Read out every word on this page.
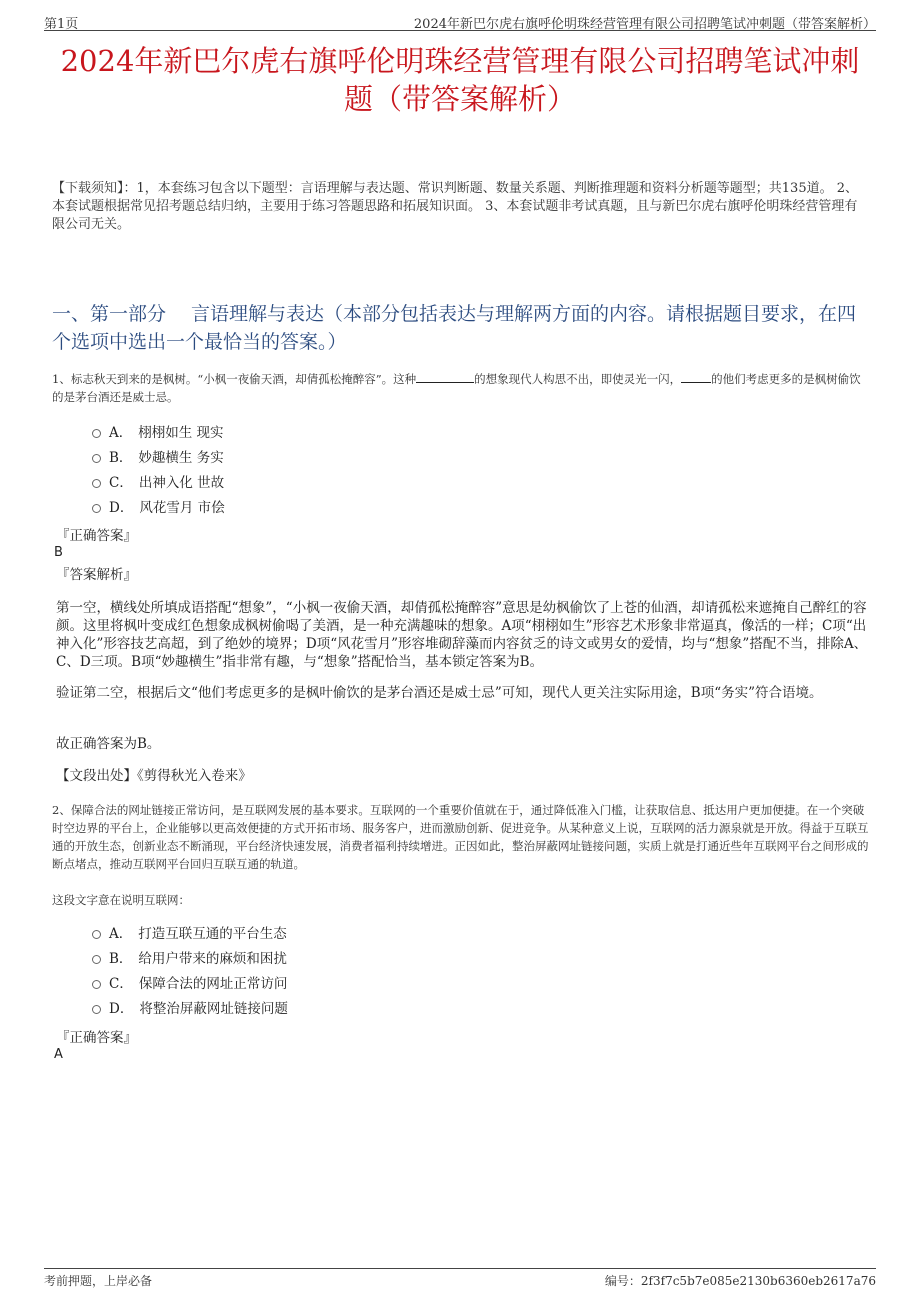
第1页	2024年新巴尔虎右旗呼伦明珠经营管理有限公司招聘笔试冲刺题（带答案解析）
2024年新巴尔虎右旗呼伦明珠经营管理有限公司招聘笔试冲刺
题（带答案解析）
【下载须知】：1，本套练习包含以下题型：言语理解与表达题、常识判断题、数量关系题、判断推理题和资料分析题等题型；共135道。 2、本套试题根据常见招考题总结归纳，主要用于练习答题思路和拓展知识面。 3、本套试题非考试真题，且与新巴尔虎右旗呼伦明珠经营管理有限公司无关。
一、第一部分　 言语理解与表达（本部分包括表达与理解两方面的内容。请根据题目要求，在四个选项中选出一个最恰当的答案。）
1、标志秋天到来的是枫树。“小枫一夜偷天酒，却倩孤松掩醉容”。这种	的想象现代人构思不出，即使灵光一闪，	的他们考虑更多的是枫树偷饮的是茅台酒还是威士忌。
A． 栩栩如生 现实
B． 妙趣横生 务实
C． 出神入化 世故
D． 风花雪月 市侩
『正确答案』
B
『答案解析』
第一空，横线处所填成语搭配“想象”，“小枫一夜偷天酒，却倩孤松掩醉容”意思是幼枫偷饮了上苍的仙酒，却请孤松来遮掩自己醉红的容颜。这里将枫叶变成红色想象成枫树偷喝了美酒，是一种充满趣味的想象。A项“栩栩如生”形容艺术形象非常逼真，像活的一样；C项“出神入化”形容技艺高超，到了绝妙的境界；D项“风花雪月”形容堆砌辞藻而内容贫乏的诗文或男女的爱情，均与“想象”搭配不当，排除A、C、D三项。B项“妙趣横生”指非常有趣，与“想象”搭配恰当，基本锁定答案为B。
验证第二空，根据后文“他们考虑更多的是枫叶偷饮的是茅台酒还是威士忌”可知，现代人更关注实际用途，B项“务实”符合语境。
故正确答案为B。
【文段出处】《剪得秋光入卷来》
2、保障合法的网址链接正常访问，是互联网发展的基本要求。互联网的一个重要价值就在于，通过降低准入门槛，让获取信息、抵达用户更加便捷。在一个突破时空边界的平台上，企业能够以更高效便捷的方式开拓市场、服务客户，进而激励创新、促进竞争。从某种意义上说，互联网的活力源泉就是开放。得益于互联互通的开放生态，创新业态不断涌现，平台经济快速发展，消费者福利持续增进。正因如此，整治屏蔽网址链接问题，实质上就是打通近些年互联网平台之间形成的断点堵点，推动互联网平台回归互联互通的轨道。
这段文字意在说明互联网：
A． 打造互联互通的平台生态
B． 给用户带来的麻烦和困扰
C． 保障合法的网址正常访问
D． 将整治屏蔽网址链接问题
『正确答案』
A
考前押题，上岸必备	编号：2f3f7c5b7e085e2130b6360eb2617a76
